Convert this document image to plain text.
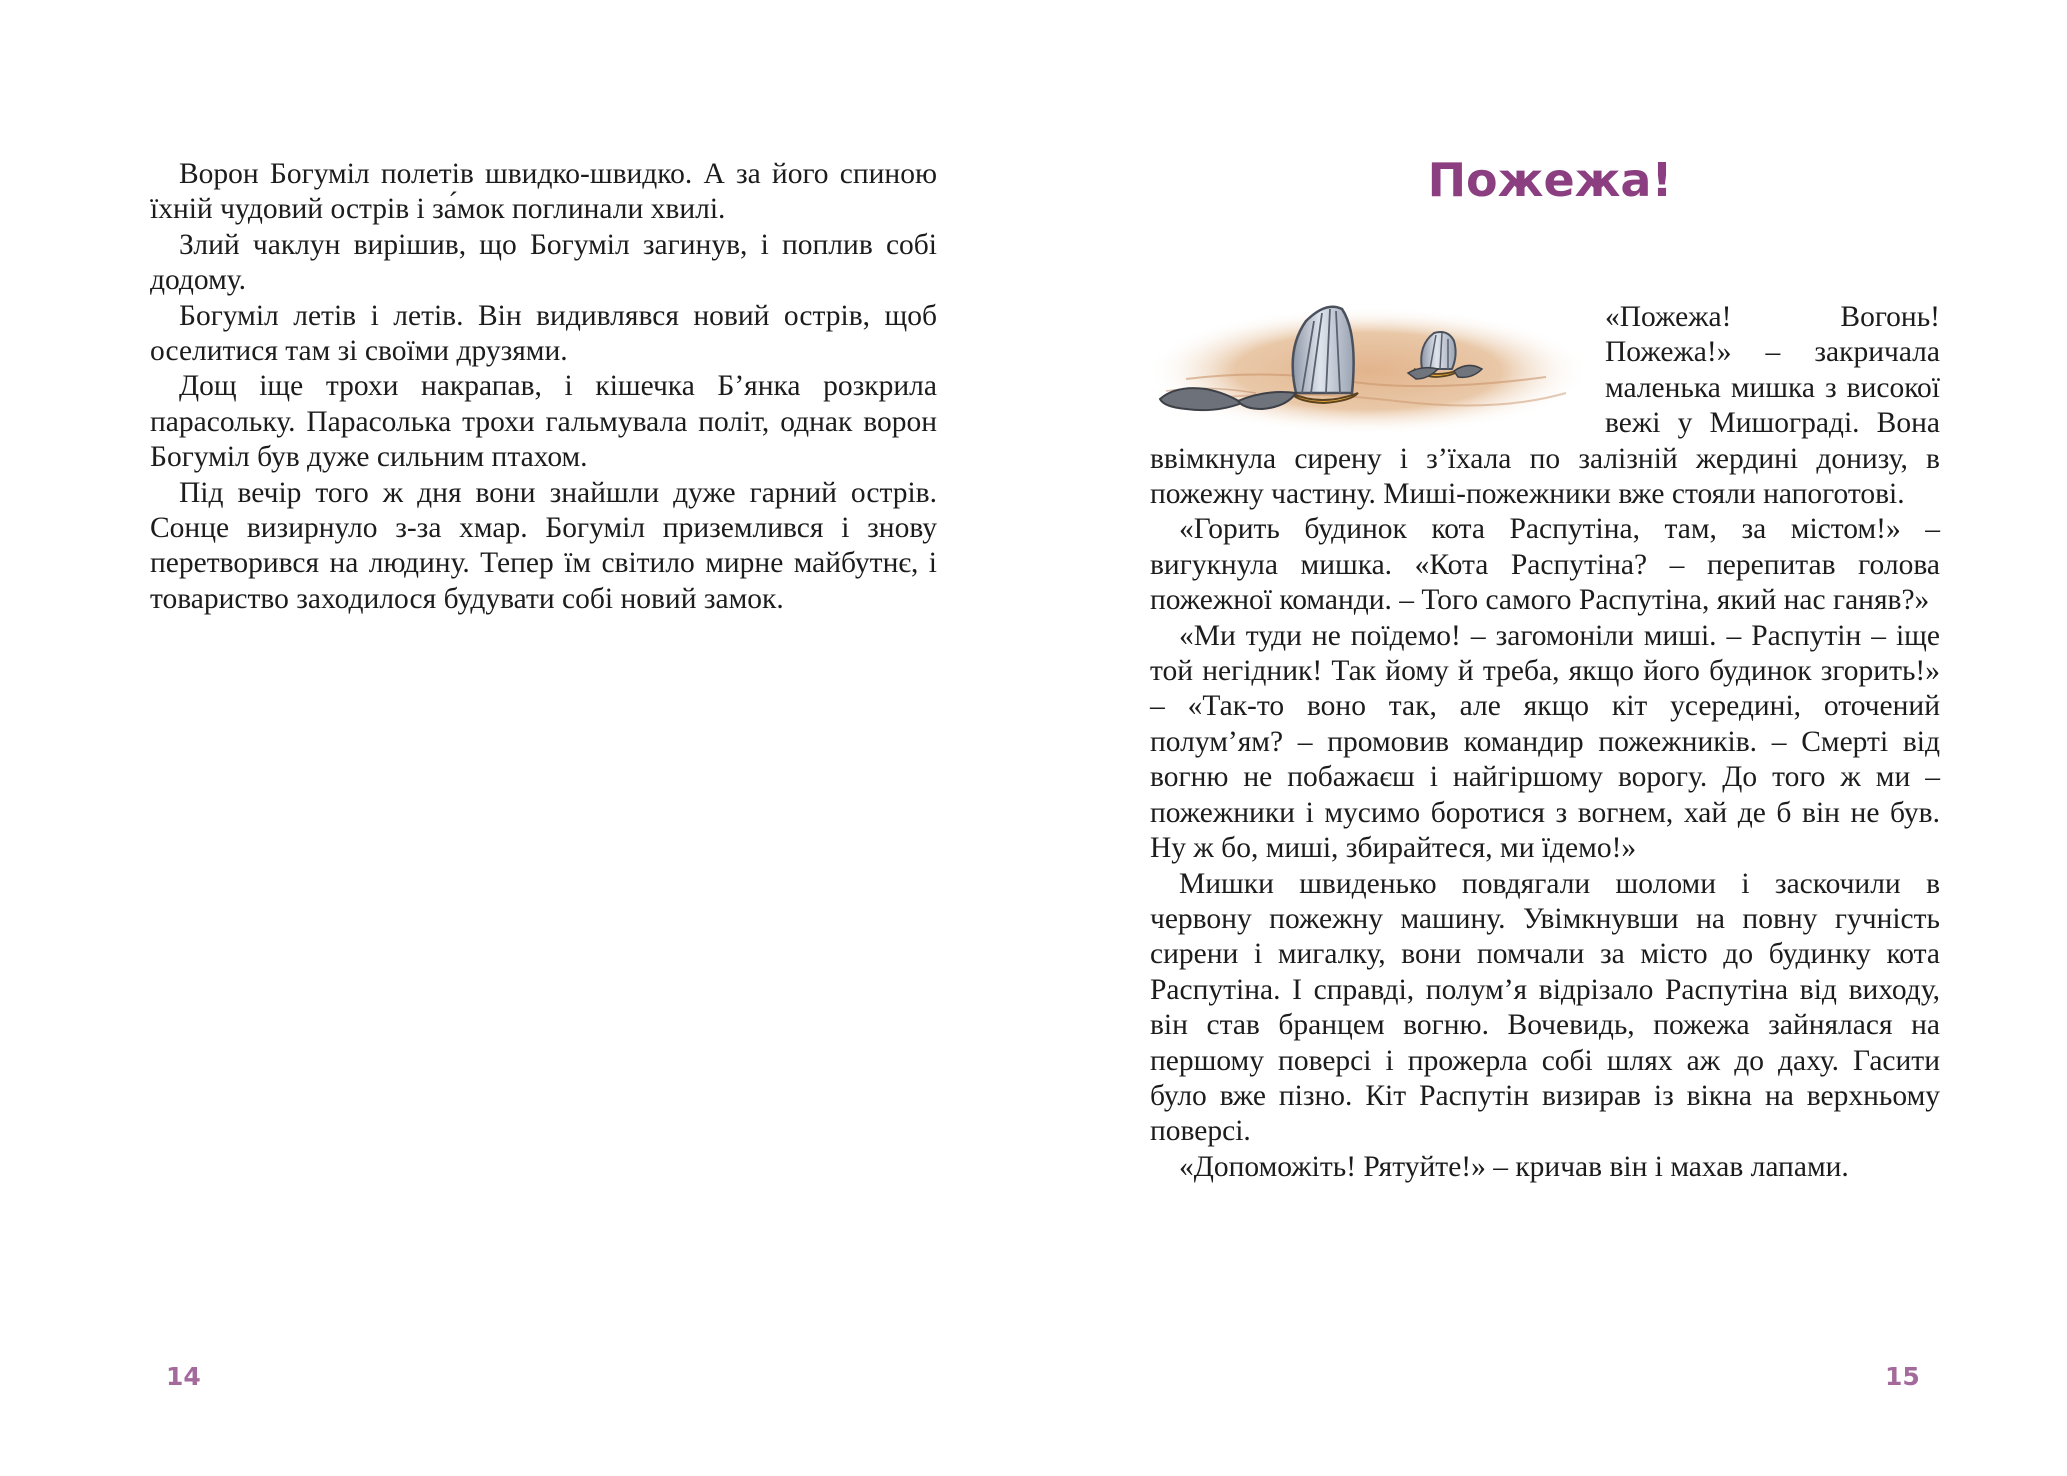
Ворон Богуміл полетів швидко-швидко. А за його спиною їхній чудовий острів і за́мок поглинали хвилі.

Злий чаклун вирішив, що Богуміл загинув, і поплив собі додому.

Богуміл летів і летів. Він видивлявся новий острів, щоб оселитися там зі своїми друзями.

Дощ іще трохи накрапав, і кішечка Б’янка розкрила парасольку. Парасолька трохи гальмувала політ, однак ворон Богуміл був дуже сильним птахом.

Під вечір того ж дня вони знайшли дуже гарний острів. Сонце визирнуло з-за хмар. Богуміл приземлився і знову перетворився на людину. Тепер їм світило мирне майбутнє, і товариство заходилося будувати собі новий замок.

14
Пожежа!

«Пожежа! Вогонь! Пожежа!» – закричала маленька мишка з високої вежі у Мишограді. Вона ввімкнула сирену і з’їхала по залізній жердині донизу, в пожежну частину. Миші-пожежники вже стояли напоготові.

«Горить будинок кота Распутіна, там, за містом!» – вигукнула мишка. «Кота Распутіна? – перепитав голова пожежної команди. – Того самого Распутіна, який нас ганяв?»

«Ми туди не поїдемо! – загомоніли миші. – Распутін – іще той негідник! Так йому й треба, якщо його будинок згорить!» – «Так-то воно так, але якщо кіт усередині, оточений полум’ям? – промовив командир пожежників. – Смерті від вогню не побажаєш і найгіршому ворогу. До того ж ми – пожежники і мусимо боротися з вогнем, хай де б він не був. Ну ж бо, миші, збирайтеся, ми їдемо!»

Мишки швиденько повдягали шоломи і заскочили в червону пожежну машину. Увімкнувши на повну гучність сирени і мигалку, вони помчали за місто до будинку кота Распутіна. І справді, полум’я відрізало Распутіна від виходу, він став бранцем вогню. Вочевидь, пожежа зайнялася на першому поверсі і прожерла собі шлях аж до даху. Гасити було вже пізно. Кіт Распутін визирав із вікна на верхньому поверсі.

«Допоможіть! Рятуйте!» – кричав він і махав лапами.

15
